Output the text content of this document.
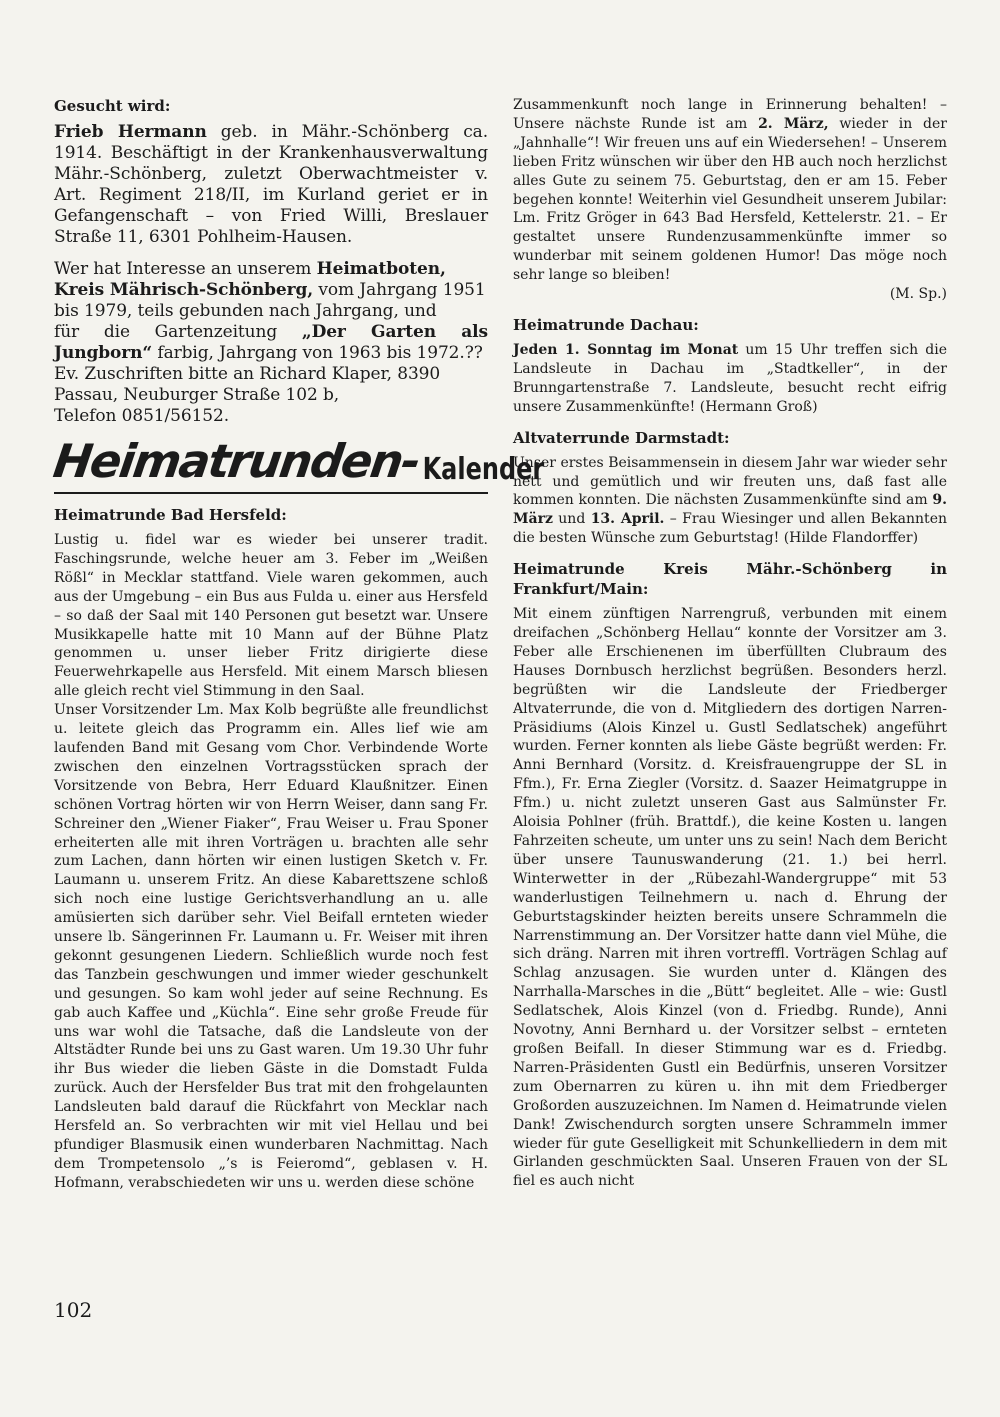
Gesucht wird:

Frieb Hermann geb. in Mähr.-Schönberg ca. 1914. Beschäftigt in der Krankenhausverwaltung Mähr.-Schönberg, zuletzt Oberwachtmeister v. Art. Regiment 218/II, im Kurland geriet er in Gefangenschaft – von Fried Willi, Breslauer Straße 11, 6301 Pohlheim-Hausen.

Wer hat Interesse an unserem Heimatboten, Kreis Mährisch-Schönberg, vom Jahrgang 1951 bis 1979, teils gebunden nach Jahrgang, und

für die Gartenzeitung „Der Garten als Jungborn“ farbig, Jahrgang von 1963 bis 1972.??

Ev. Zuschriften bitte an Richard Klaper, 8390 Passau, Neuburger Straße 102 b,

Telefon 0851/56152.

Heimatrunden- Kalender

Heimatrunde Bad Hersfeld:

Lustig u. fidel war es wieder bei unserer tradit. Faschingsrunde, welche heuer am 3. Feber im „Weißen Rößl“ in Mecklar stattfand. Viele waren gekommen, auch aus der Umgebung – ein Bus aus Fulda u. einer aus Hersfeld – so daß der Saal mit 140 Personen gut besetzt war. Unsere Musikkapelle hatte mit 10 Mann auf der Bühne Platz genommen u. unser lieber Fritz dirigierte diese Feuerwehrkapelle aus Hersfeld. Mit einem Marsch bliesen alle gleich recht viel Stimmung in den Saal.

Unser Vorsitzender Lm. Max Kolb begrüßte alle freundlichst u. leitete gleich das Programm ein. Alles lief wie am laufenden Band mit Gesang vom Chor. Verbindende Worte zwischen den einzelnen Vortragsstücken sprach der Vorsitzende von Bebra, Herr Eduard Klaußnitzer. Einen schönen Vortrag hörten wir von Herrn Weiser, dann sang Fr. Schreiner den „Wiener Fiaker“, Frau Weiser u. Frau Sponer erheiterten alle mit ihren Vorträgen u. brachten alle sehr zum Lachen, dann hörten wir einen lustigen Sketch v. Fr. Laumann u. unserem Fritz. An diese Kabarettszene schloß sich noch eine lustige Gerichtsverhandlung an u. alle amüsierten sich darüber sehr. Viel Beifall ernteten wieder unsere lb. Sängerinnen Fr. Laumann u. Fr. Weiser mit ihren gekonnt gesungenen Liedern. Schließlich wurde noch fest das Tanzbein geschwungen und immer wieder geschunkelt und gesungen. So kam wohl jeder auf seine Rechnung. Es gab auch Kaffee und „Küchla“. Eine sehr große Freude für uns war wohl die Tatsache, daß die Landsleute von der Altstädter Runde bei uns zu Gast waren. Um 19.30 Uhr fuhr ihr Bus wieder die lieben Gäste in die Domstadt Fulda zurück. Auch der Hersfelder Bus trat mit den frohgelaunten Landsleuten bald darauf die Rückfahrt von Mecklar nach Hersfeld an. So verbrachten wir mit viel Hellau und bei pfundiger Blasmusik einen wunderbaren Nachmittag. Nach dem Trompetensolo „’s is Feieromd“, geblasen v. H. Hofmann, verabschiedeten wir uns u. werden diese schöne

Zusammenkunft noch lange in Erinnerung behalten! – Unsere nächste Runde ist am 2. März, wieder in der „Jahnhalle“! Wir freuen uns auf ein Wiedersehen! – Unserem lieben Fritz wünschen wir über den HB auch noch herzlichst alles Gute zu seinem 75. Geburtstag, den er am 15. Feber begehen konnte! Weiterhin viel Gesundheit unserem Jubilar: Lm. Fritz Gröger in 643 Bad Hersfeld, Kettelerstr. 21. – Er gestaltet unsere Rundenzusammenkünfte immer so wunderbar mit seinem goldenen Humor! Das möge noch sehr lange so bleiben!

(M. Sp.)

Heimatrunde Dachau:

Jeden 1. Sonntag im Monat um 15 Uhr treffen sich die Landsleute in Dachau im „Stadtkeller“, in der Brunngartenstraße 7. Landsleute, besucht recht eifrig unsere Zusammenkünfte! (Hermann Groß)

Altvaterrunde Darmstadt:

Unser erstes Beisammensein in diesem Jahr war wieder sehr nett und gemütlich und wir freuten uns, daß fast alle kommen konnten. Die nächsten Zusammenkünfte sind am 9. März und 13. April. – Frau Wiesinger und allen Bekannten die besten Wünsche zum Geburtstag! (Hilde Flandorffer)

Heimatrunde Kreis Mähr.-Schönberg in Frankfurt/Main:

Mit einem zünftigen Narrengruß, verbunden mit einem dreifachen „Schönberg Hellau“ konnte der Vorsitzer am 3. Feber alle Erschienenen im überfüllten Clubraum des Hauses Dornbusch herzlichst begrüßen. Besonders herzl. begrüßten wir die Landsleute der Friedberger Altvaterrunde, die von d. Mitgliedern des dortigen Narren-Präsidiums (Alois Kinzel u. Gustl Sedlatschek) angeführt wurden. Ferner konnten als liebe Gäste begrüßt werden: Fr. Anni Bernhard (Vorsitz. d. Kreisfrauengruppe der SL in Ffm.), Fr. Erna Ziegler (Vorsitz. d. Saazer Heimatgruppe in Ffm.) u. nicht zuletzt unseren Gast aus Salmünster Fr. Aloisia Pohlner (früh. Brattdf.), die keine Kosten u. langen Fahrzeiten scheute, um unter uns zu sein! Nach dem Bericht über unsere Taunuswanderung (21. 1.) bei herrl. Winterwetter in der „Rübezahl-Wandergruppe“ mit 53 wanderlustigen Teilnehmern u. nach d. Ehrung der Geburtstagskinder heizten bereits unsere Schrammeln die Narrenstimmung an. Der Vorsitzer hatte dann viel Mühe, die sich dräng. Narren mit ihren vortreffl. Vorträgen Schlag auf Schlag anzusagen. Sie wurden unter d. Klängen des Narrhalla-Marsches in die „Bütt“ begleitet. Alle – wie: Gustl Sedlatschek, Alois Kinzel (von d. Friedbg. Runde), Anni Novotny, Anni Bernhard u. der Vorsitzer selbst – ernteten großen Beifall. In dieser Stimmung war es d. Friedbg. Narren-Präsidenten Gustl ein Bedürfnis, unseren Vorsitzer zum Obernarren zu küren u. ihn mit dem Friedberger Großorden auszuzeichnen. Im Namen d. Heimatrunde vielen Dank! Zwischendurch sorgten unsere Schrammeln immer wieder für gute Geselligkeit mit Schunkelliedern in dem mit Girlanden geschmückten Saal. Unseren Frauen von der SL fiel es auch nicht

102
